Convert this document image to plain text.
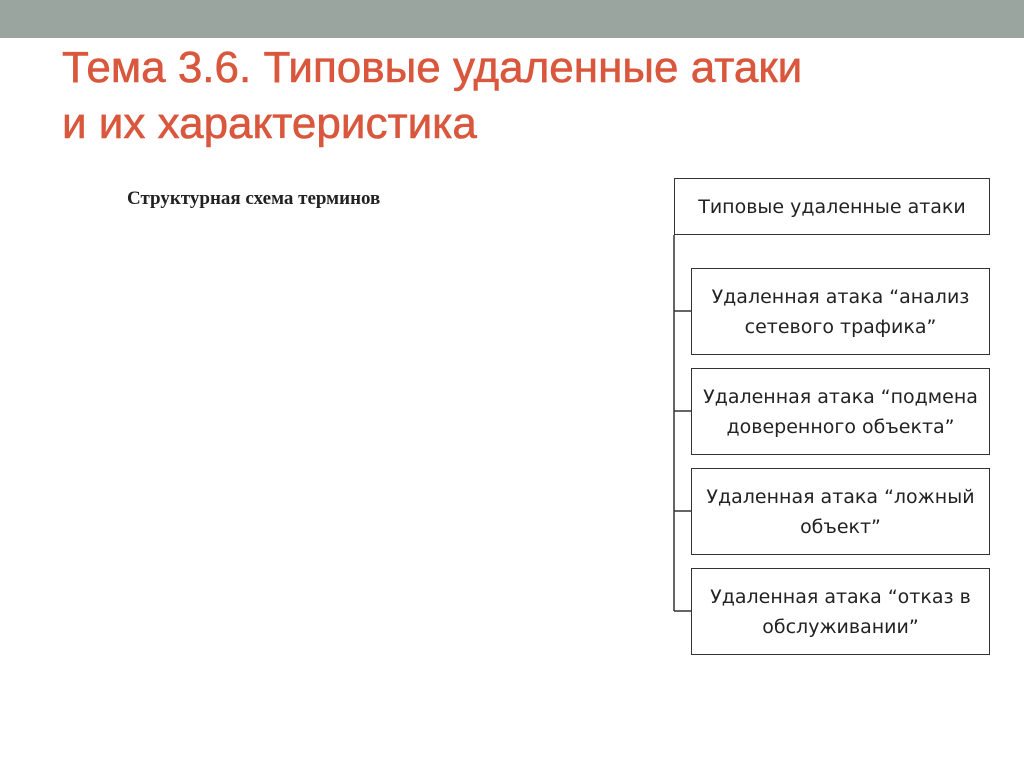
Тема 3.6. Типовые удаленные атаки
и их характеристика
Структурная схема терминов	Типовые удаленные атаки
Удаленная атака “анализ
сетевого трафика”
Удаленная атака “подмена
доверенного объекта”
Удаленная атака “ложный
объект”
Удаленная атака “отказ в
обслуживании”
